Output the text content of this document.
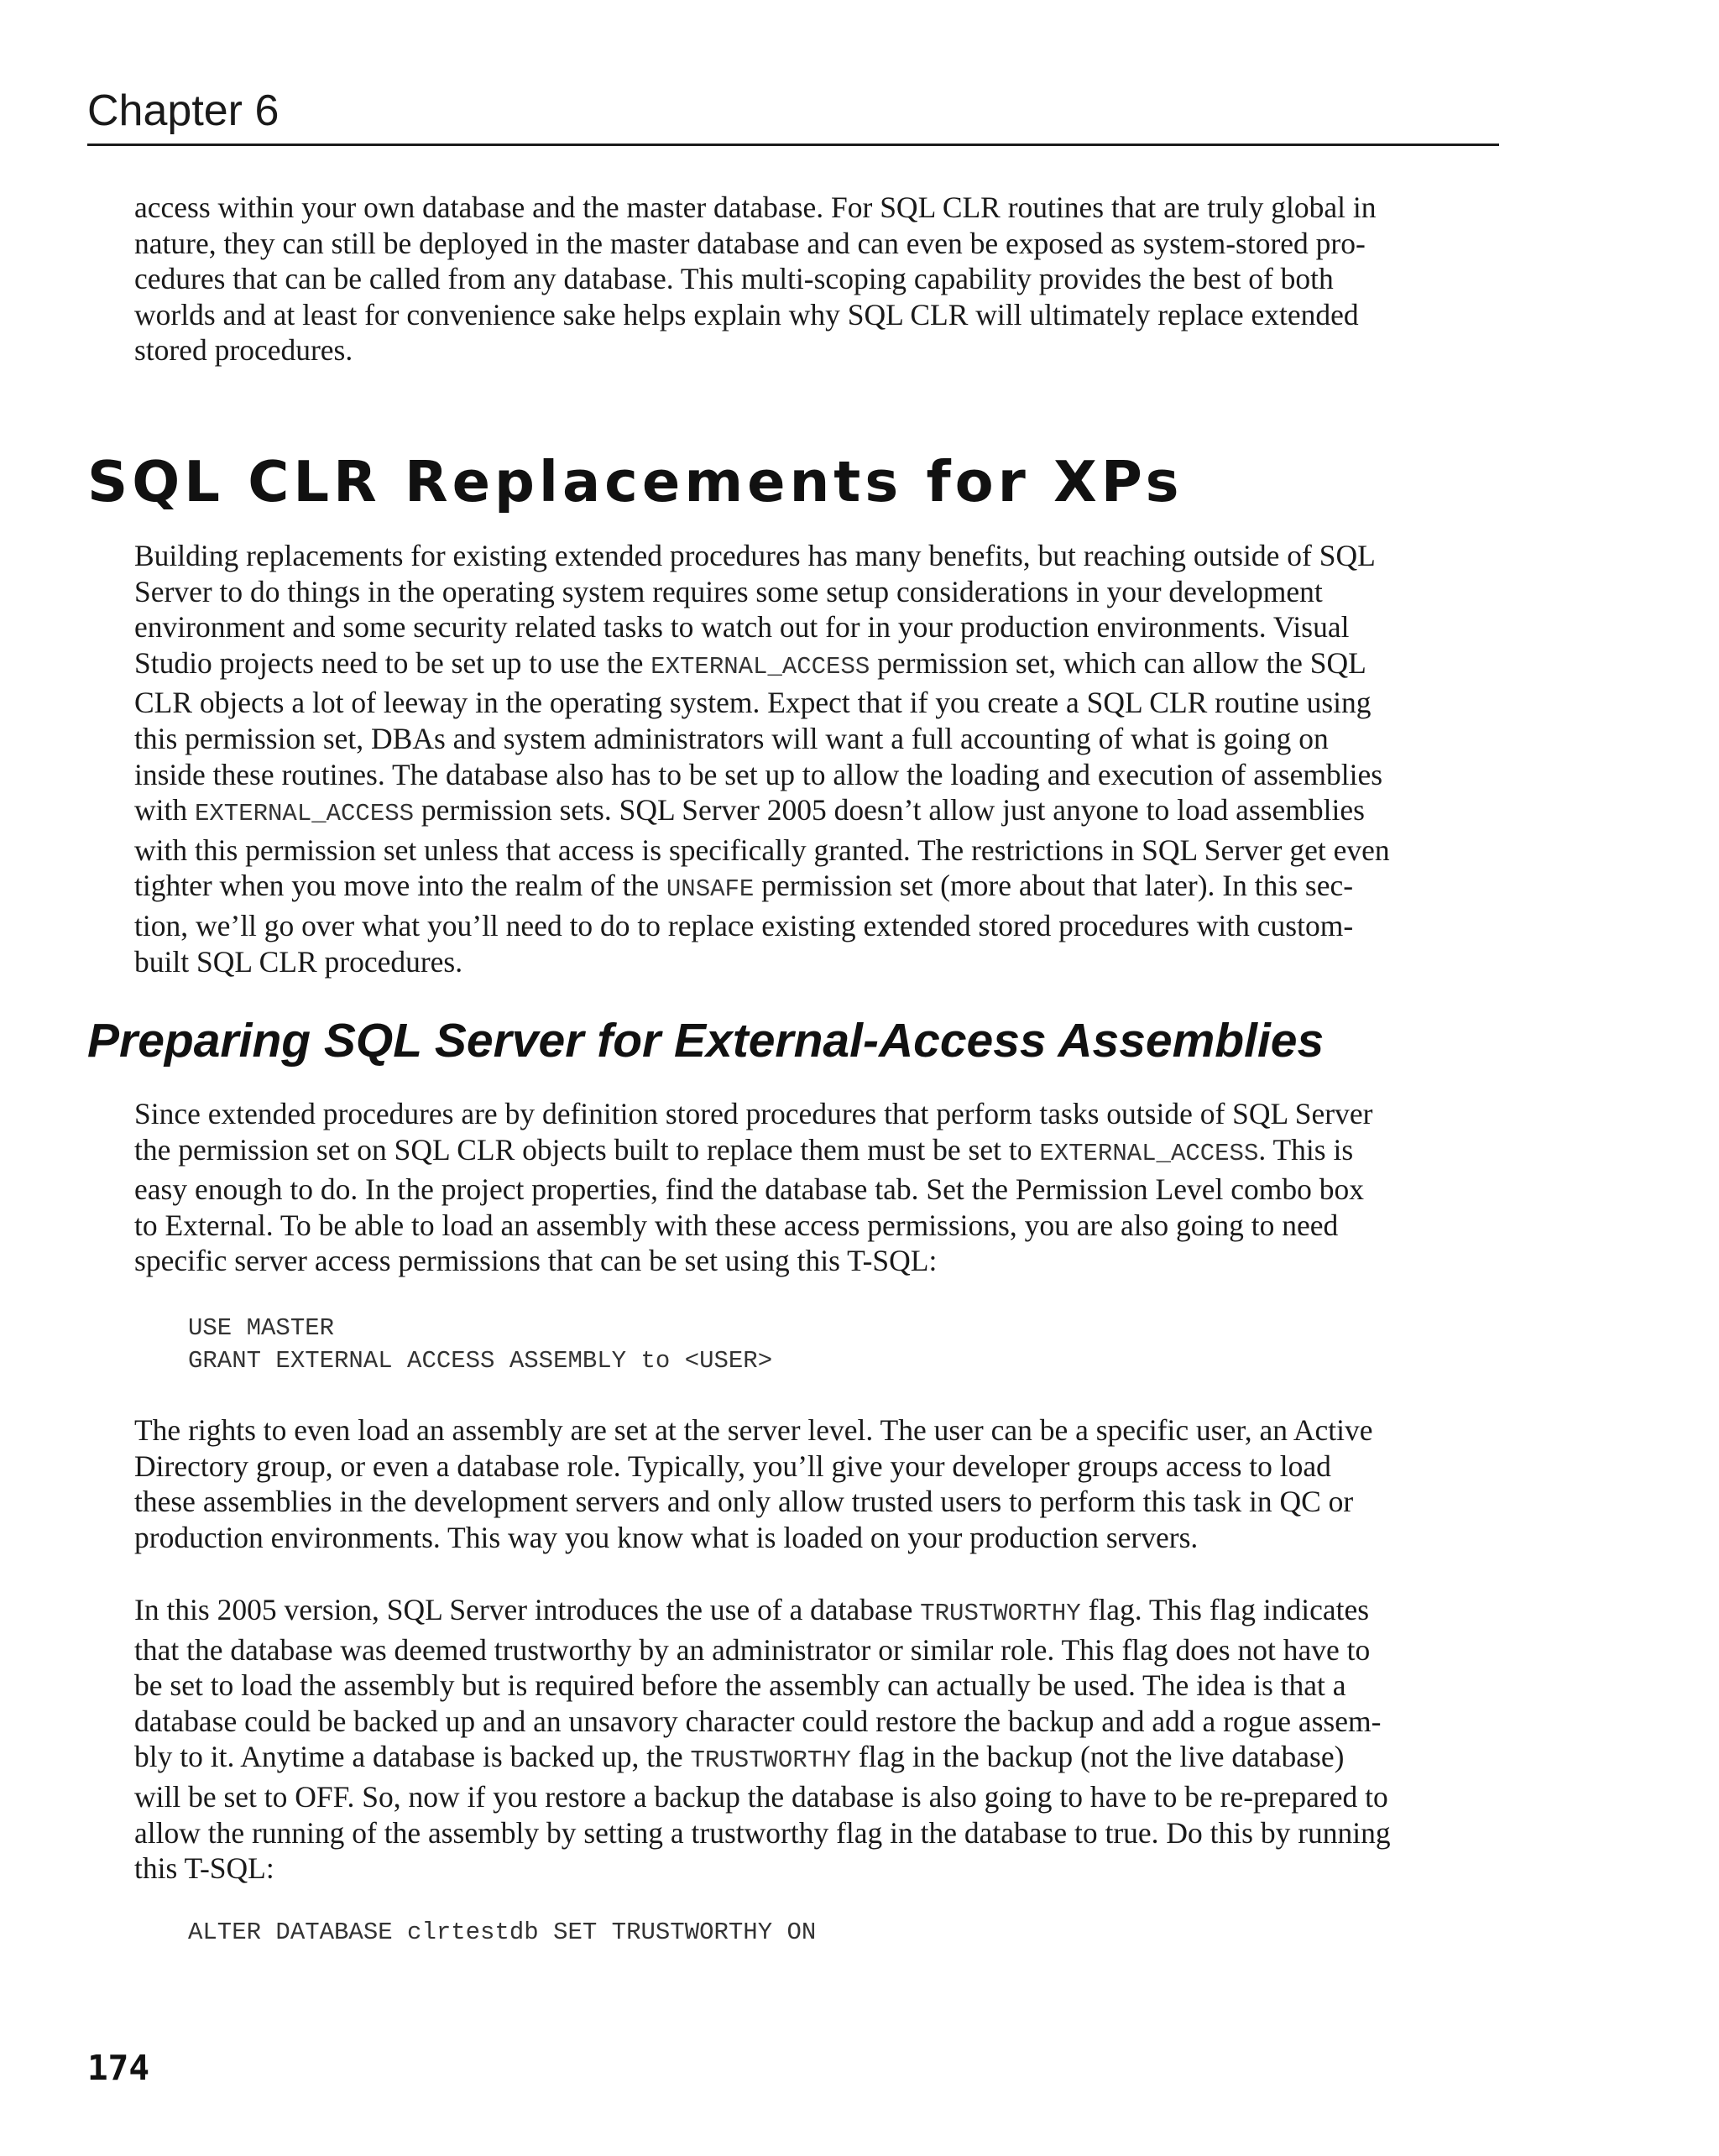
Chapter 6

access within your own database and the master database. For SQL CLR routines that are truly global in
nature, they can still be deployed in the master database and can even be exposed as system-stored pro-
cedures that can be called from any database. This multi-scoping capability provides the best of both
worlds and at least for convenience sake helps explain why SQL CLR will ultimately replace extended
stored procedures.

SQL CLR Replacements for XPs

Building replacements for existing extended procedures has many benefits, but reaching outside of SQL
Server to do things in the operating system requires some setup considerations in your development
environment and some security related tasks to watch out for in your production environments. Visual
Studio projects need to be set up to use the EXTERNAL_ACCESS permission set, which can allow the SQL
CLR objects a lot of leeway in the operating system. Expect that if you create a SQL CLR routine using
this permission set, DBAs and system administrators will want a full accounting of what is going on
inside these routines. The database also has to be set up to allow the loading and execution of assemblies
with EXTERNAL_ACCESS permission sets. SQL Server 2005 doesn’t allow just anyone to load assemblies
with this permission set unless that access is specifically granted. The restrictions in SQL Server get even
tighter when you move into the realm of the UNSAFE permission set (more about that later). In this sec-
tion, we’ll go over what you’ll need to do to replace existing extended stored procedures with custom-
built SQL CLR procedures.

Preparing SQL Server for External-Access Assemblies

Since extended procedures are by definition stored procedures that perform tasks outside of SQL Server
the permission set on SQL CLR objects built to replace them must be set to EXTERNAL_ACCESS. This is
easy enough to do. In the project properties, find the database tab. Set the Permission Level combo box
to External. To be able to load an assembly with these access permissions, you are also going to need
specific server access permissions that can be set using this T-SQL:

USE MASTER
GRANT EXTERNAL ACCESS ASSEMBLY to <USER>

The rights to even load an assembly are set at the server level. The user can be a specific user, an Active
Directory group, or even a database role. Typically, you’ll give your developer groups access to load
these assemblies in the development servers and only allow trusted users to perform this task in QC or
production environments. This way you know what is loaded on your production servers.

In this 2005 version, SQL Server introduces the use of a database TRUSTWORTHY flag. This flag indicates
that the database was deemed trustworthy by an administrator or similar role. This flag does not have to
be set to load the assembly but is required before the assembly can actually be used. The idea is that a
database could be backed up and an unsavory character could restore the backup and add a rogue assem-
bly to it. Anytime a database is backed up, the TRUSTWORTHY flag in the backup (not the live database)
will be set to OFF. So, now if you restore a backup the database is also going to have to be re-prepared to
allow the running of the assembly by setting a trustworthy flag in the database to true. Do this by running
this T-SQL:

ALTER DATABASE clrtestdb SET TRUSTWORTHY ON
174
